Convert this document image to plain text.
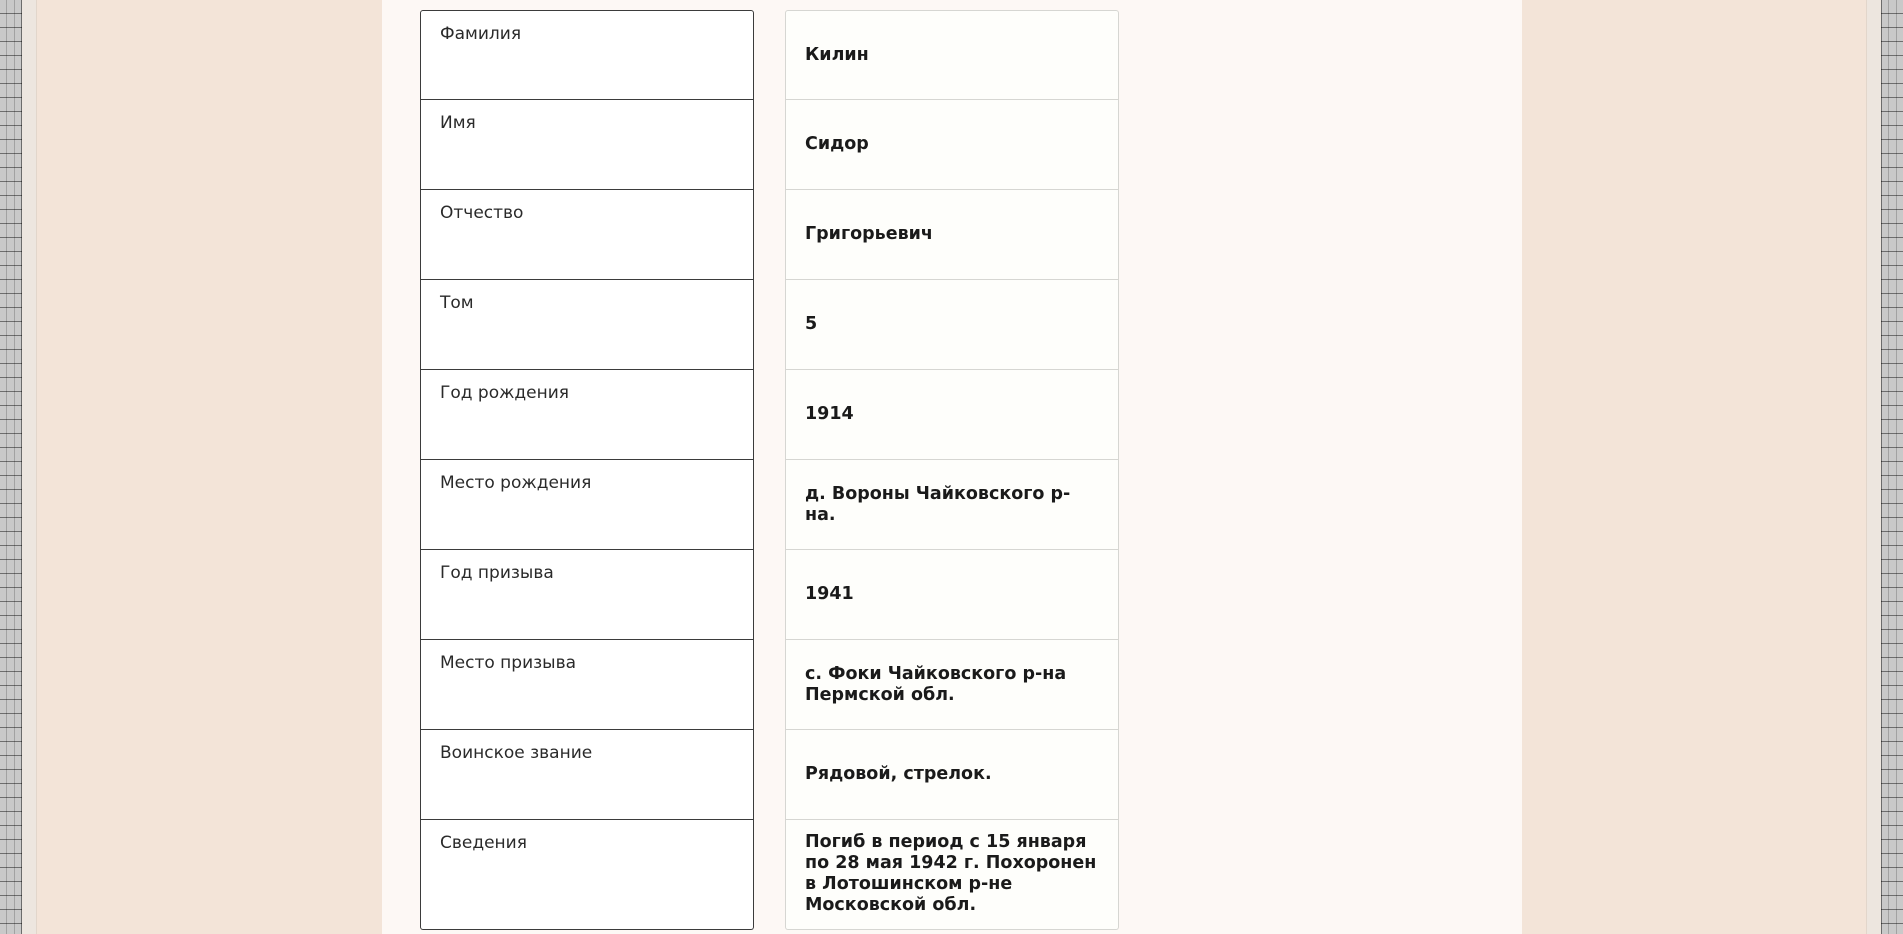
Фамилия
Имя
Отчество
Том
Год рождения
Место рождения
Год призыва
Место призыва
Воинское звание
Сведения
Килин
Сидор
Григорьевич
5
1914
д. Вороны Чайковского р-на.
1941
с. Фоки Чайковского р-на Пермской обл.
Рядовой, стрелок.
Погиб в период с 15 января по 28 мая 1942 г. Похоронен в Лотошинском р-не Московской обл.
